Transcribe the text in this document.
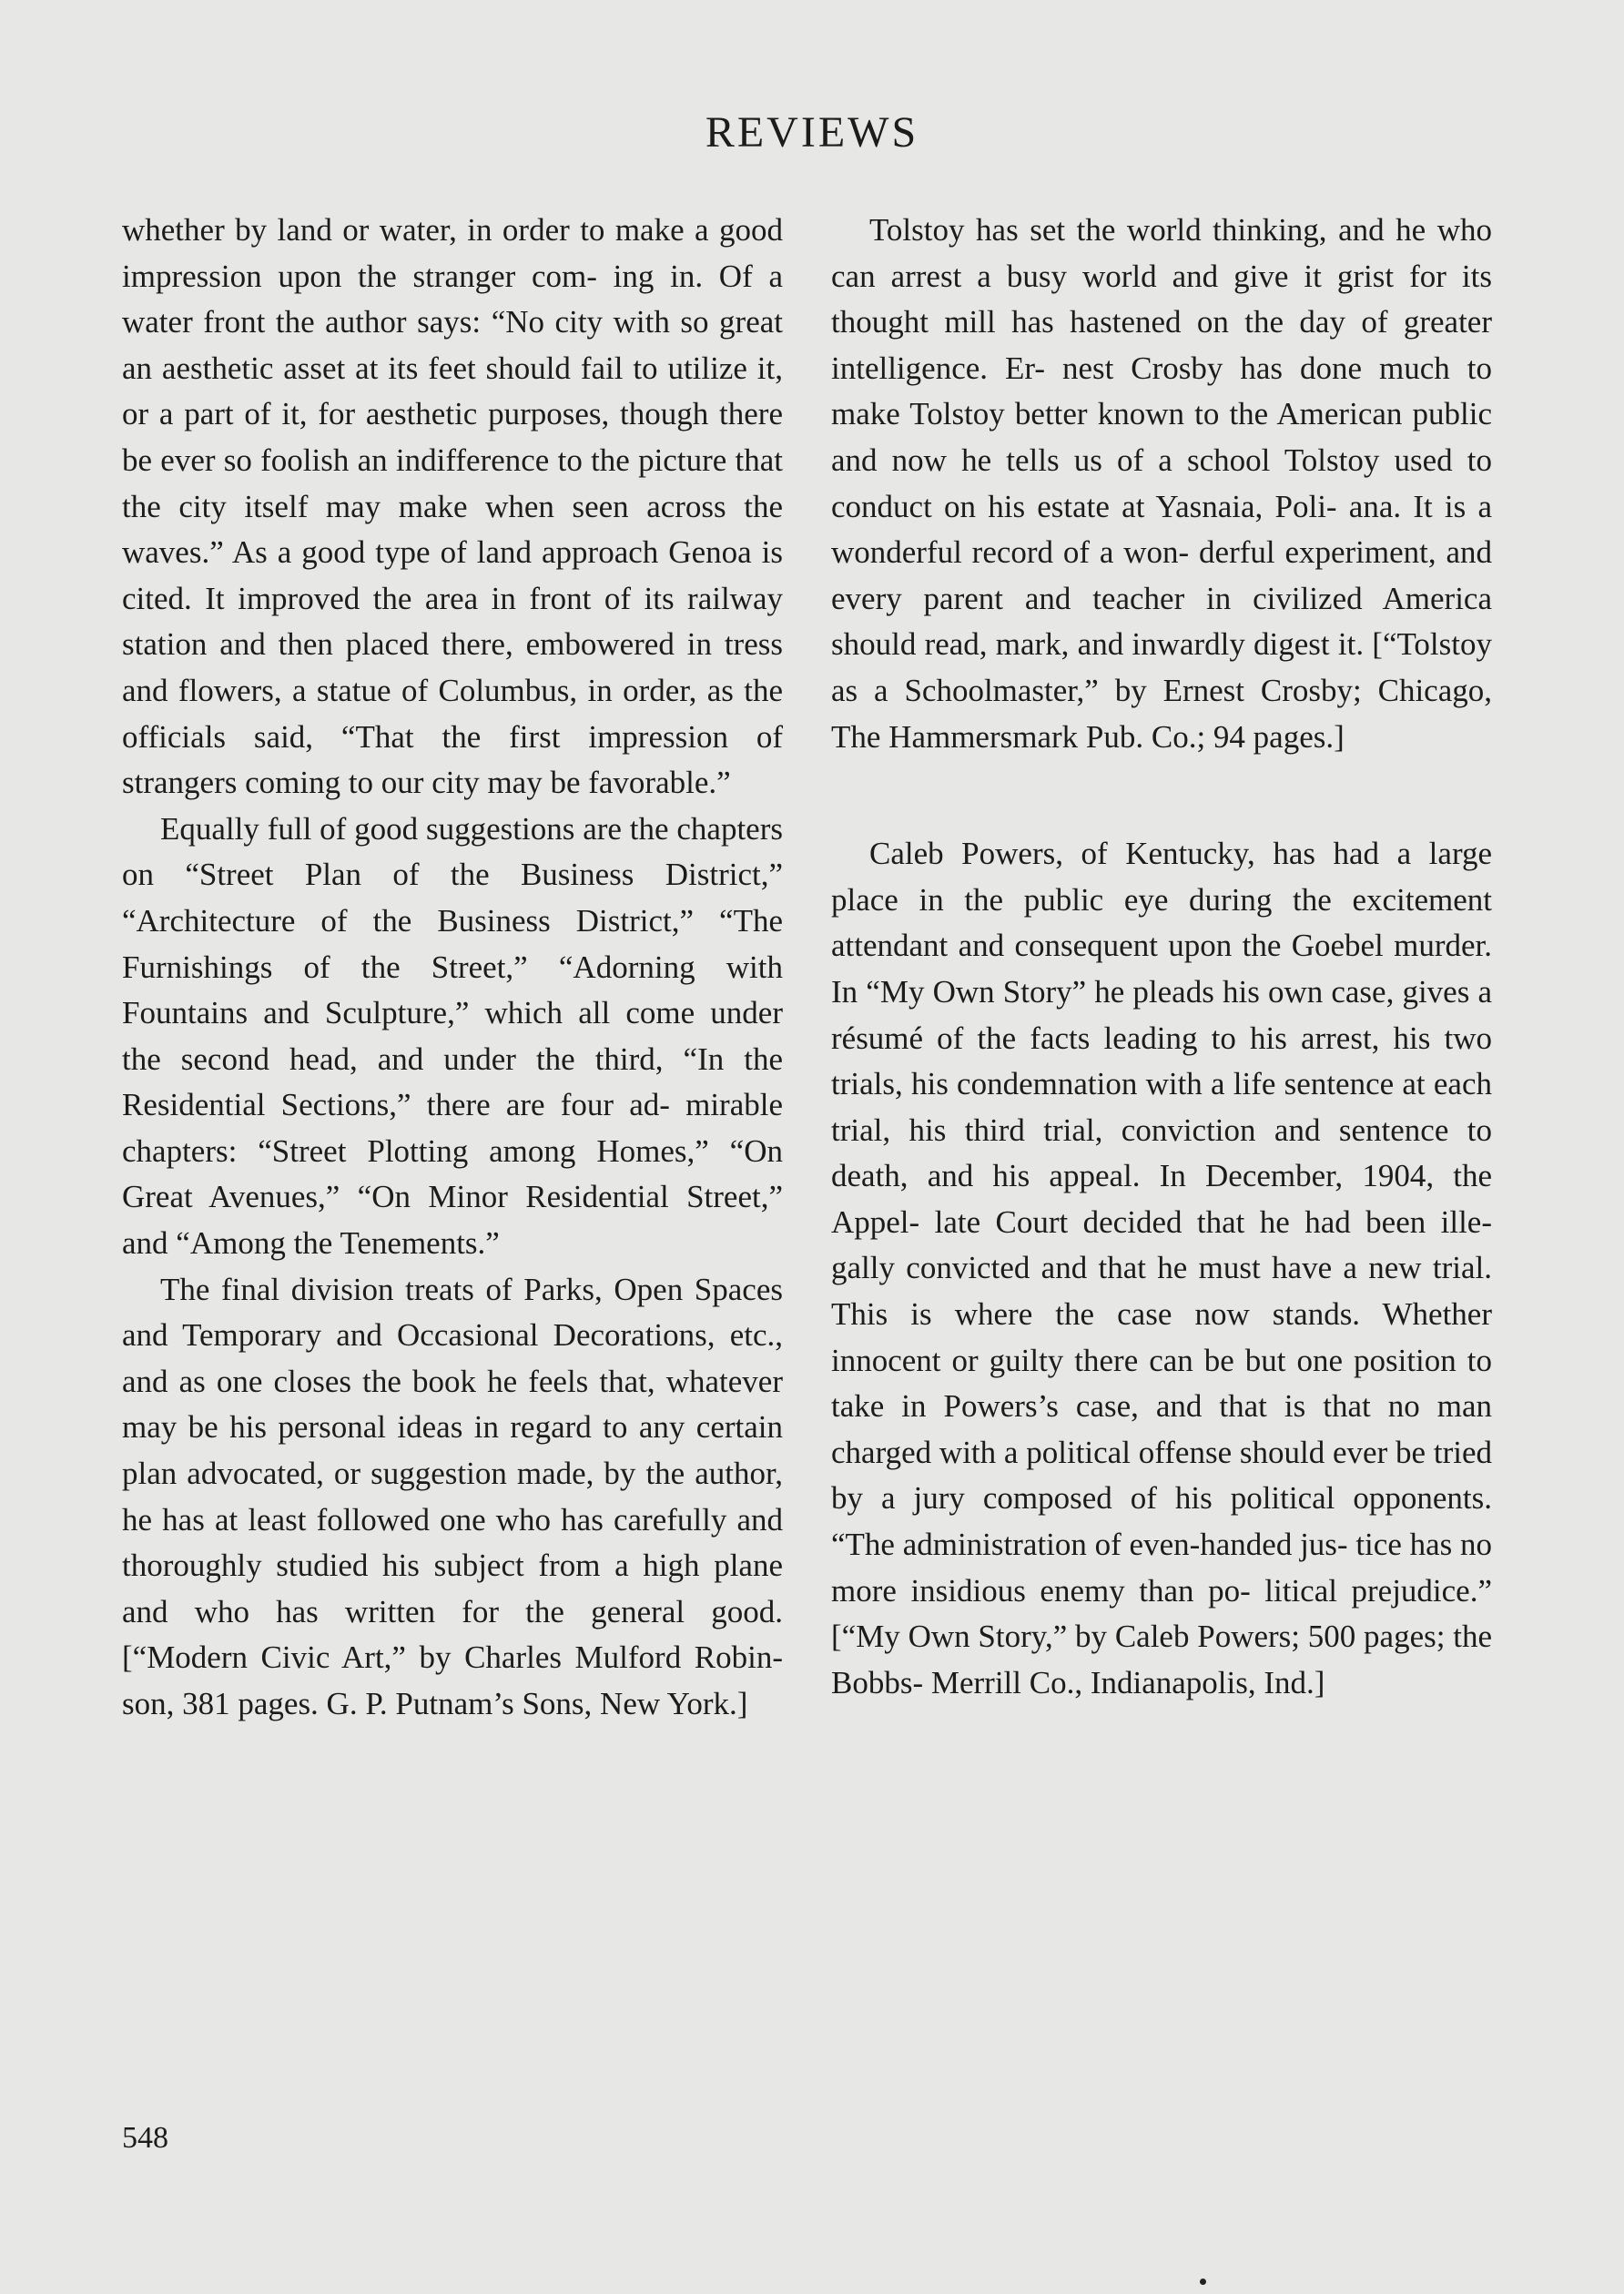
REVIEWS

whether by land or water, in order to make a good impression upon the stranger com- ing in. Of a water front the author says: “No city with so great an aesthetic asset at its feet should fail to utilize it, or a part of it, for aesthetic purposes, though there be ever so foolish an indifference to the picture that the city itself may make when seen across the waves.” As a good type of land approach Genoa is cited. It improved the area in front of its railway station and then placed there, embowered in tress and flowers, a statue of Columbus, in order, as the officials said, “That the first impression of strangers coming to our city may be favorable.”

Equally full of good suggestions are the chapters on “Street Plan of the Business District,” “Architecture of the Business District,” “The Furnishings of the Street,” “Adorning with Fountains and Sculpture,” which all come under the second head, and under the third, “In the Residential Sections,” there are four ad- mirable chapters: “Street Plotting among Homes,” “On Great Avenues,” “On Minor Residential Street,” and “Among the Tenements.”

The final division treats of Parks, Open Spaces and Temporary and Occasional Decorations, etc., and as one closes the book he feels that, whatever may be his personal ideas in regard to any certain plan advocated, or suggestion made, by the author, he has at least followed one who has carefully and thoroughly studied his subject from a high plane and who has written for the general good. [“Modern Civic Art,” by Charles Mulford Robin- son, 381 pages. G. P. Putnam’s Sons, New York.]

Tolstoy has set the world thinking, and he who can arrest a busy world and give it grist for its thought mill has hastened on the day of greater intelligence. Er- nest Crosby has done much to make Tolstoy better known to the American public and now he tells us of a school Tolstoy used to conduct on his estate at Yasnaia, Poli- ana. It is a wonderful record of a won- derful experiment, and every parent and teacher in civilized America should read, mark, and inwardly digest it. [“Tolstoy as a Schoolmaster,” by Ernest Crosby; Chicago, The Hammersmark Pub. Co.; 94 pages.]

Caleb Powers, of Kentucky, has had a large place in the public eye during the excitement attendant and consequent upon the Goebel murder. In “My Own Story” he pleads his own case, gives a résumé of the facts leading to his arrest, his two trials, his condemnation with a life sentence at each trial, his third trial, conviction and sentence to death, and his appeal. In December, 1904, the Appel- late Court decided that he had been ille- gally convicted and that he must have a new trial. This is where the case now stands. Whether innocent or guilty there can be but one position to take in Powers’s case, and that is that no man charged with a political offense should ever be tried by a jury composed of his political opponents. “The administration of even-handed jus- tice has no more insidious enemy than po- litical prejudice.” [“My Own Story,” by Caleb Powers; 500 pages; the Bobbs- Merrill Co., Indianapolis, Ind.]

548
